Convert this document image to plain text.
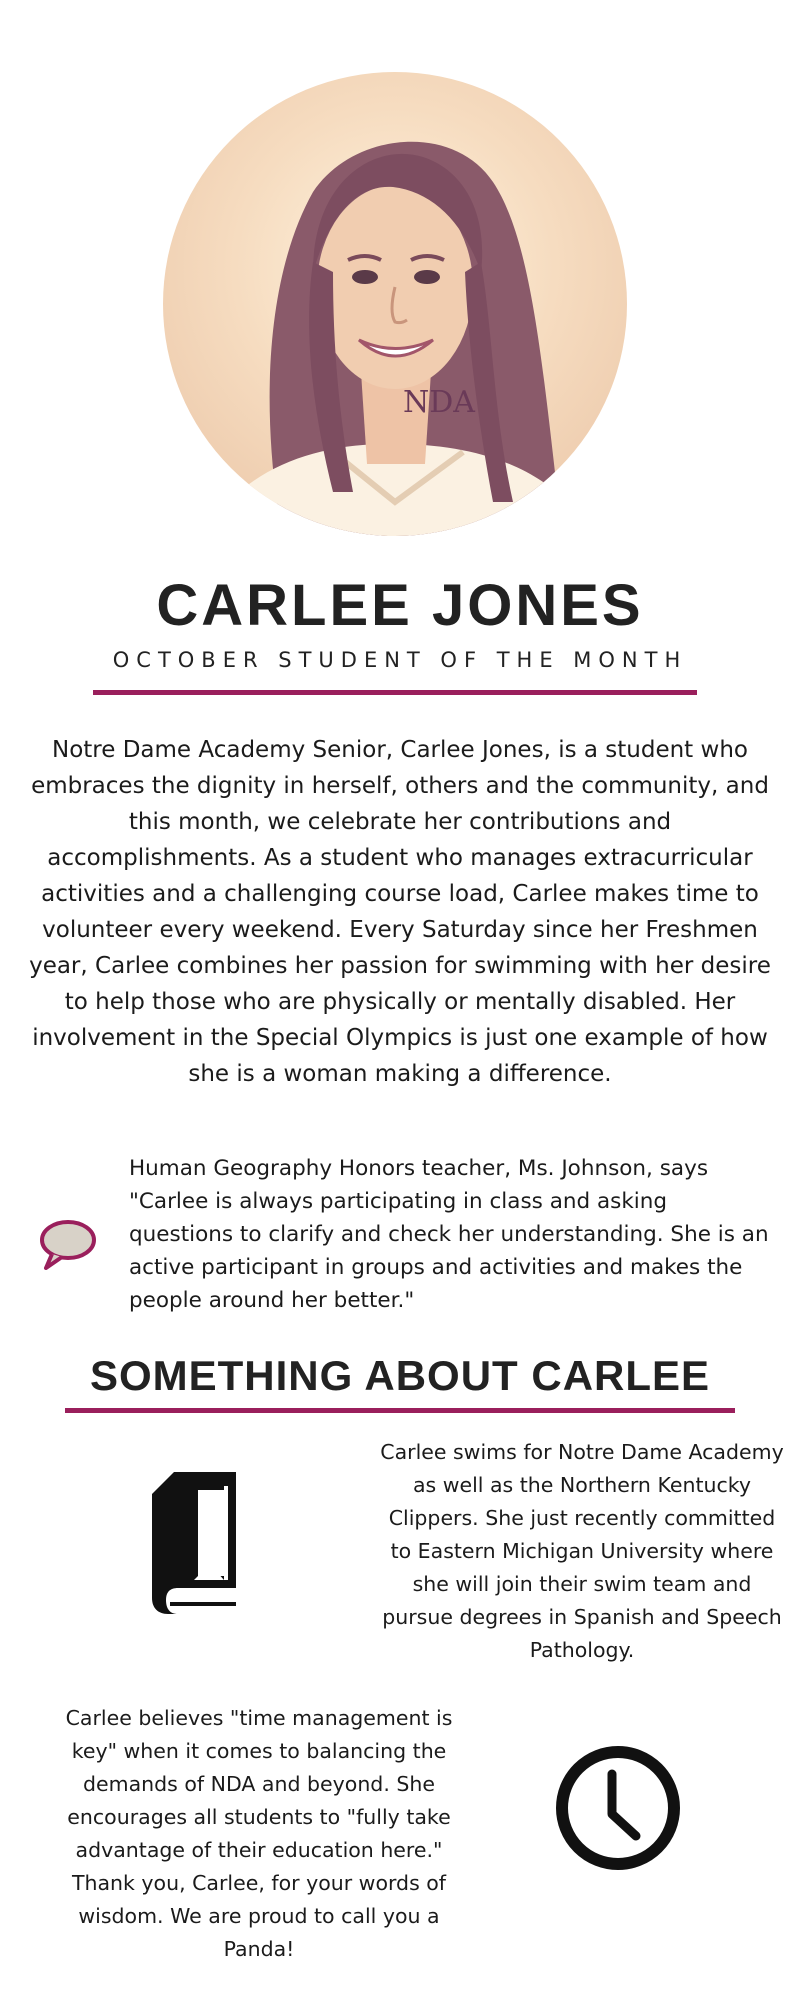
NDA
CARLEE JONES
OCTOBER STUDENT OF THE MONTH
Notre Dame Academy Senior, Carlee Jones, is a student who embraces the dignity in herself, others and the community, and this month, we celebrate her contributions and accomplishments. As a student who manages extracurricular activities and a challenging course load, Carlee makes time to volunteer every weekend. Every Saturday since her Freshmen year, Carlee combines her passion for swimming with her desire to help those who are physically or mentally disabled. Her involvement in the Special Olympics is just one example of how she is a woman making a difference.
Human Geography Honors teacher, Ms. Johnson, says "Carlee is always participating in class and asking questions to clarify and check her understanding. She is an active participant in groups and activities and makes the people around her better."
SOMETHING ABOUT CARLEE
Carlee swims for Notre Dame Academy as well as the Northern Kentucky Clippers. She just recently committed to Eastern Michigan University where she will join their swim team and pursue degrees in Spanish and Speech Pathology.
Carlee believes "time management is key" when it comes to balancing the demands of NDA and beyond. She encourages all students to "fully take advantage of their education here." Thank you, Carlee, for your words of wisdom. We are proud to call you a Panda!
